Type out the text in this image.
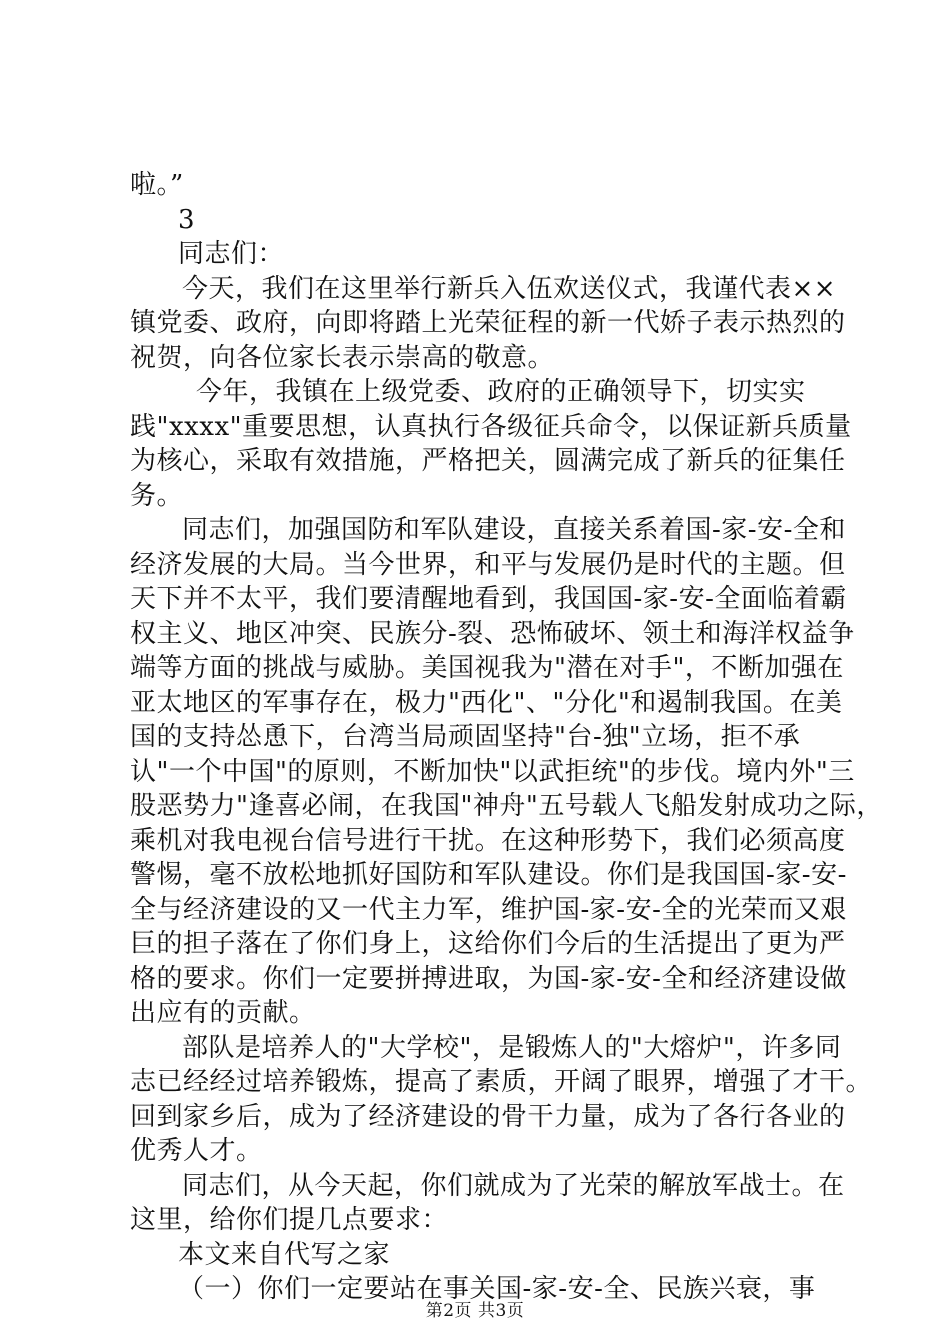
啦。”
3
同志们：
今天，我们在这里举行新兵入伍欢送仪式，我谨代表××
镇党委、政府，向即将踏上光荣征程的新一代娇子表示热烈的
祝贺，向各位家长表示崇高的敬意。
今年，我镇在上级党委、政府的正确领导下，切实实
践"xxxx"重要思想，认真执行各级征兵命令，以保证新兵质量
为核心，采取有效措施，严格把关，圆满完成了新兵的征集任
务。
同志们，加强国防和军队建设，直接关系着国-家-安-全和
经济发展的大局。当今世界，和平与发展仍是时代的主题。但
天下并不太平，我们要清醒地看到，我国国-家-安-全面临着霸
权主义、地区冲突、民族分-裂、恐怖破坏、领土和海洋权益争
端等方面的挑战与威胁。美国视我为"潜在对手"，不断加强在
亚太地区的军事存在，极力"西化"、"分化"和遏制我国。在美
国的支持怂恿下，台湾当局顽固坚持"台-独"立场，拒不承
认"一个中国"的原则，不断加快"以武拒统"的步伐。境内外"三
股恶势力"逢喜必闹，在我国"神舟"五号载人飞船发射成功之际，
乘机对我电视台信号进行干扰。在这种形势下，我们必须高度
警惕，毫不放松地抓好国防和军队建设。你们是我国国-家-安-
全与经济建设的又一代主力军，维护国-家-安-全的光荣而又艰
巨的担子落在了你们身上，这给你们今后的生活提出了更为严
格的要求。你们一定要拼搏进取，为国-家-安-全和经济建设做
出应有的贡献。
部队是培养人的"大学校"，是锻炼人的"大熔炉"，许多同
志已经经过培养锻炼，提高了素质，开阔了眼界，增强了才干。
回到家乡后，成为了经济建设的骨干力量，成为了各行各业的
优秀人才。
同志们，从今天起，你们就成为了光荣的解放军战士。在
这里，给你们提几点要求：
本文来自代写之家
（一）你们一定要站在事关国-家-安-全、民族兴衰，事
第2页 共3页
